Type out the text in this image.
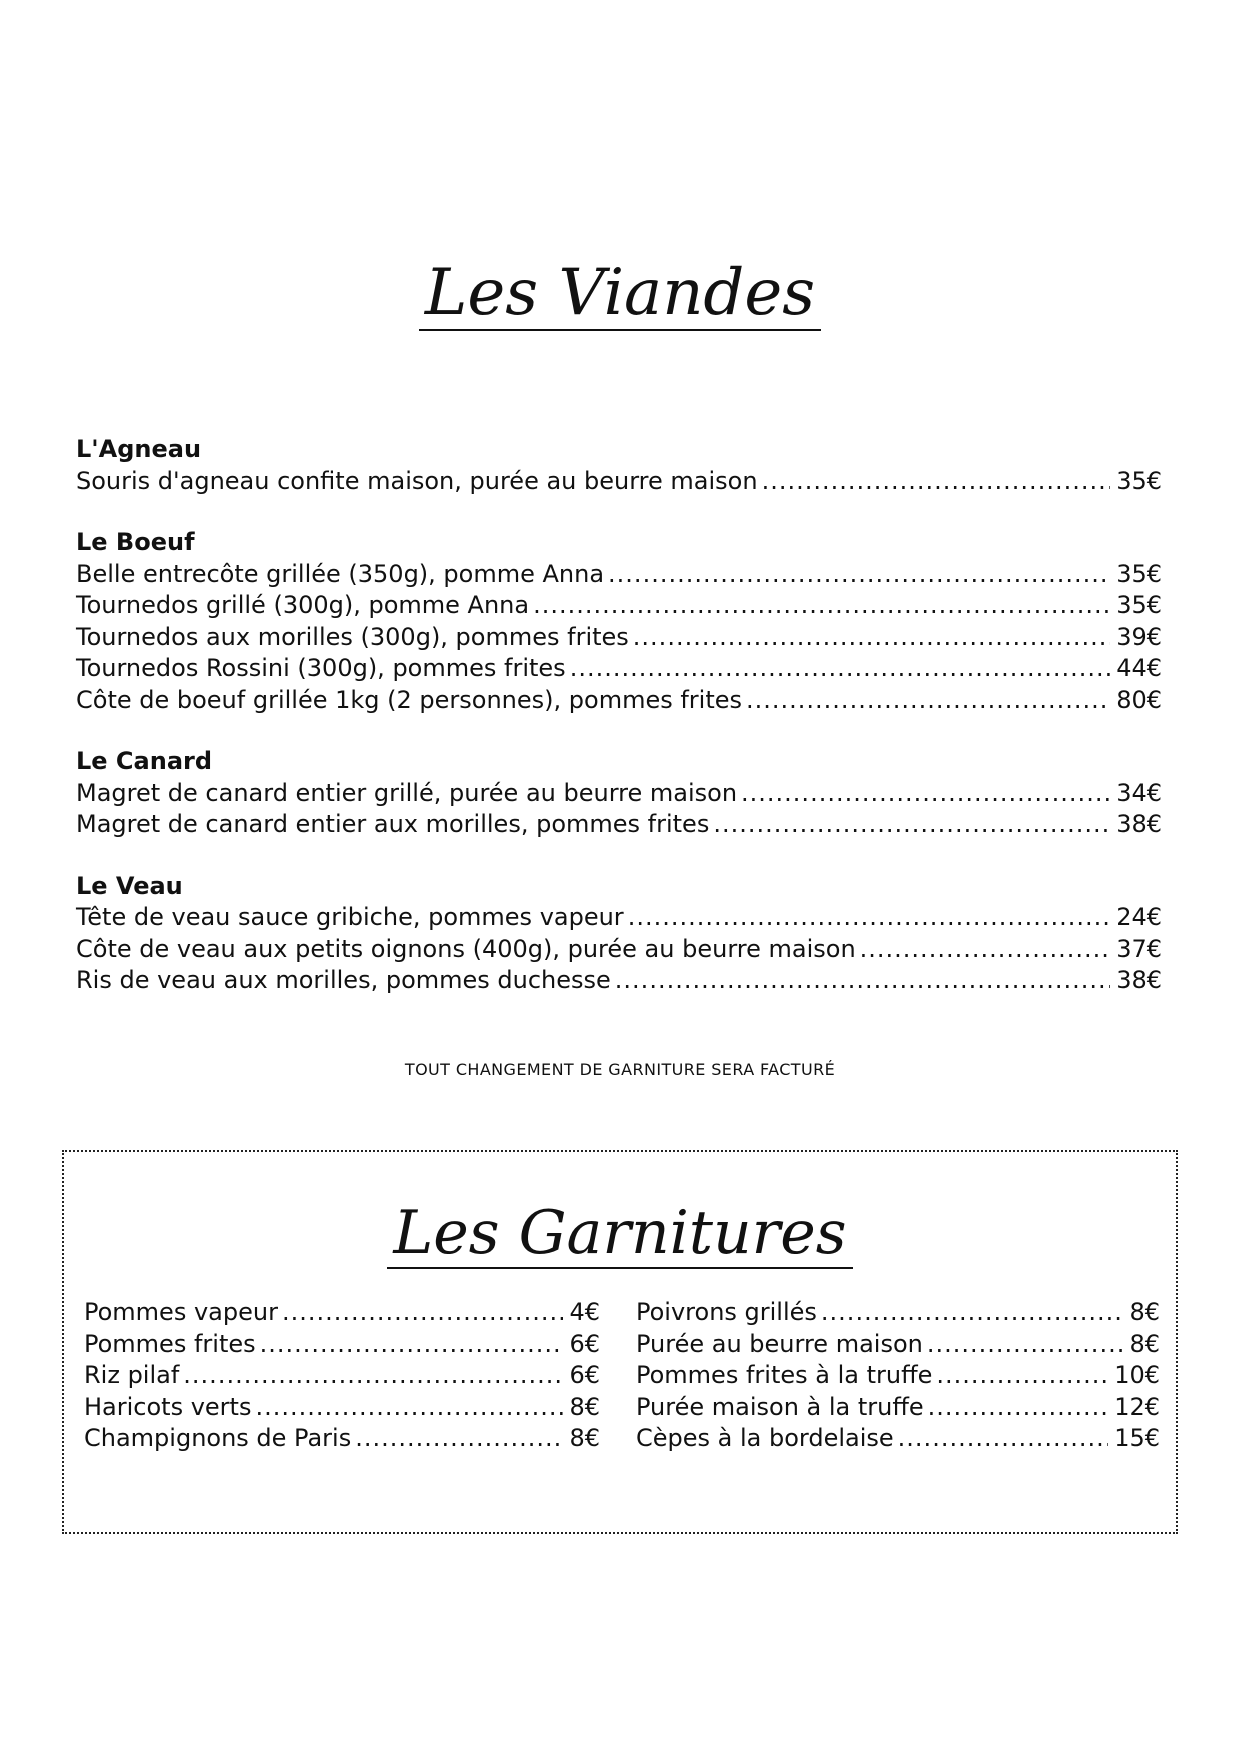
Les Viandes
L'Agneau
Souris d'agneau confite maison, purée au beurre maison .....	35€
Le Boeuf
Belle entrecôte grillée (350g), pomme Anna .....	35€
Tournedos grillé (300g), pomme Anna .....	35€
Tournedos aux morilles (300g), pommes frites .....	39€
Tournedos Rossini (300g), pommes frites .....	44€
Côte de boeuf grillée 1kg (2 personnes), pommes frites .....	80€
Le Canard
Magret de canard entier grillé, purée au beurre maison .....	34€
Magret de canard entier aux morilles, pommes frites .....	38€
Le Veau
Tête de veau sauce gribiche, pommes vapeur .....	24€
Côte de veau aux petits oignons (400g), purée au beurre maison .....	37€
Ris de veau aux morilles, pommes duchesse .....	38€
TOUT CHANGEMENT DE GARNITURE SERA FACTURÉ
Les Garnitures
Pommes vapeur .....	4€
Pommes frites .....	6€
Riz pilaf .....	6€
Haricots verts .....	8€
Champignons de Paris .....	8€
Poivrons grillés .....	8€
Purée au beurre maison .....	8€
Pommes frites à la truffe .....	10€
Purée maison à la truffe .....	12€
Cèpes à la bordelaise .....	15€
